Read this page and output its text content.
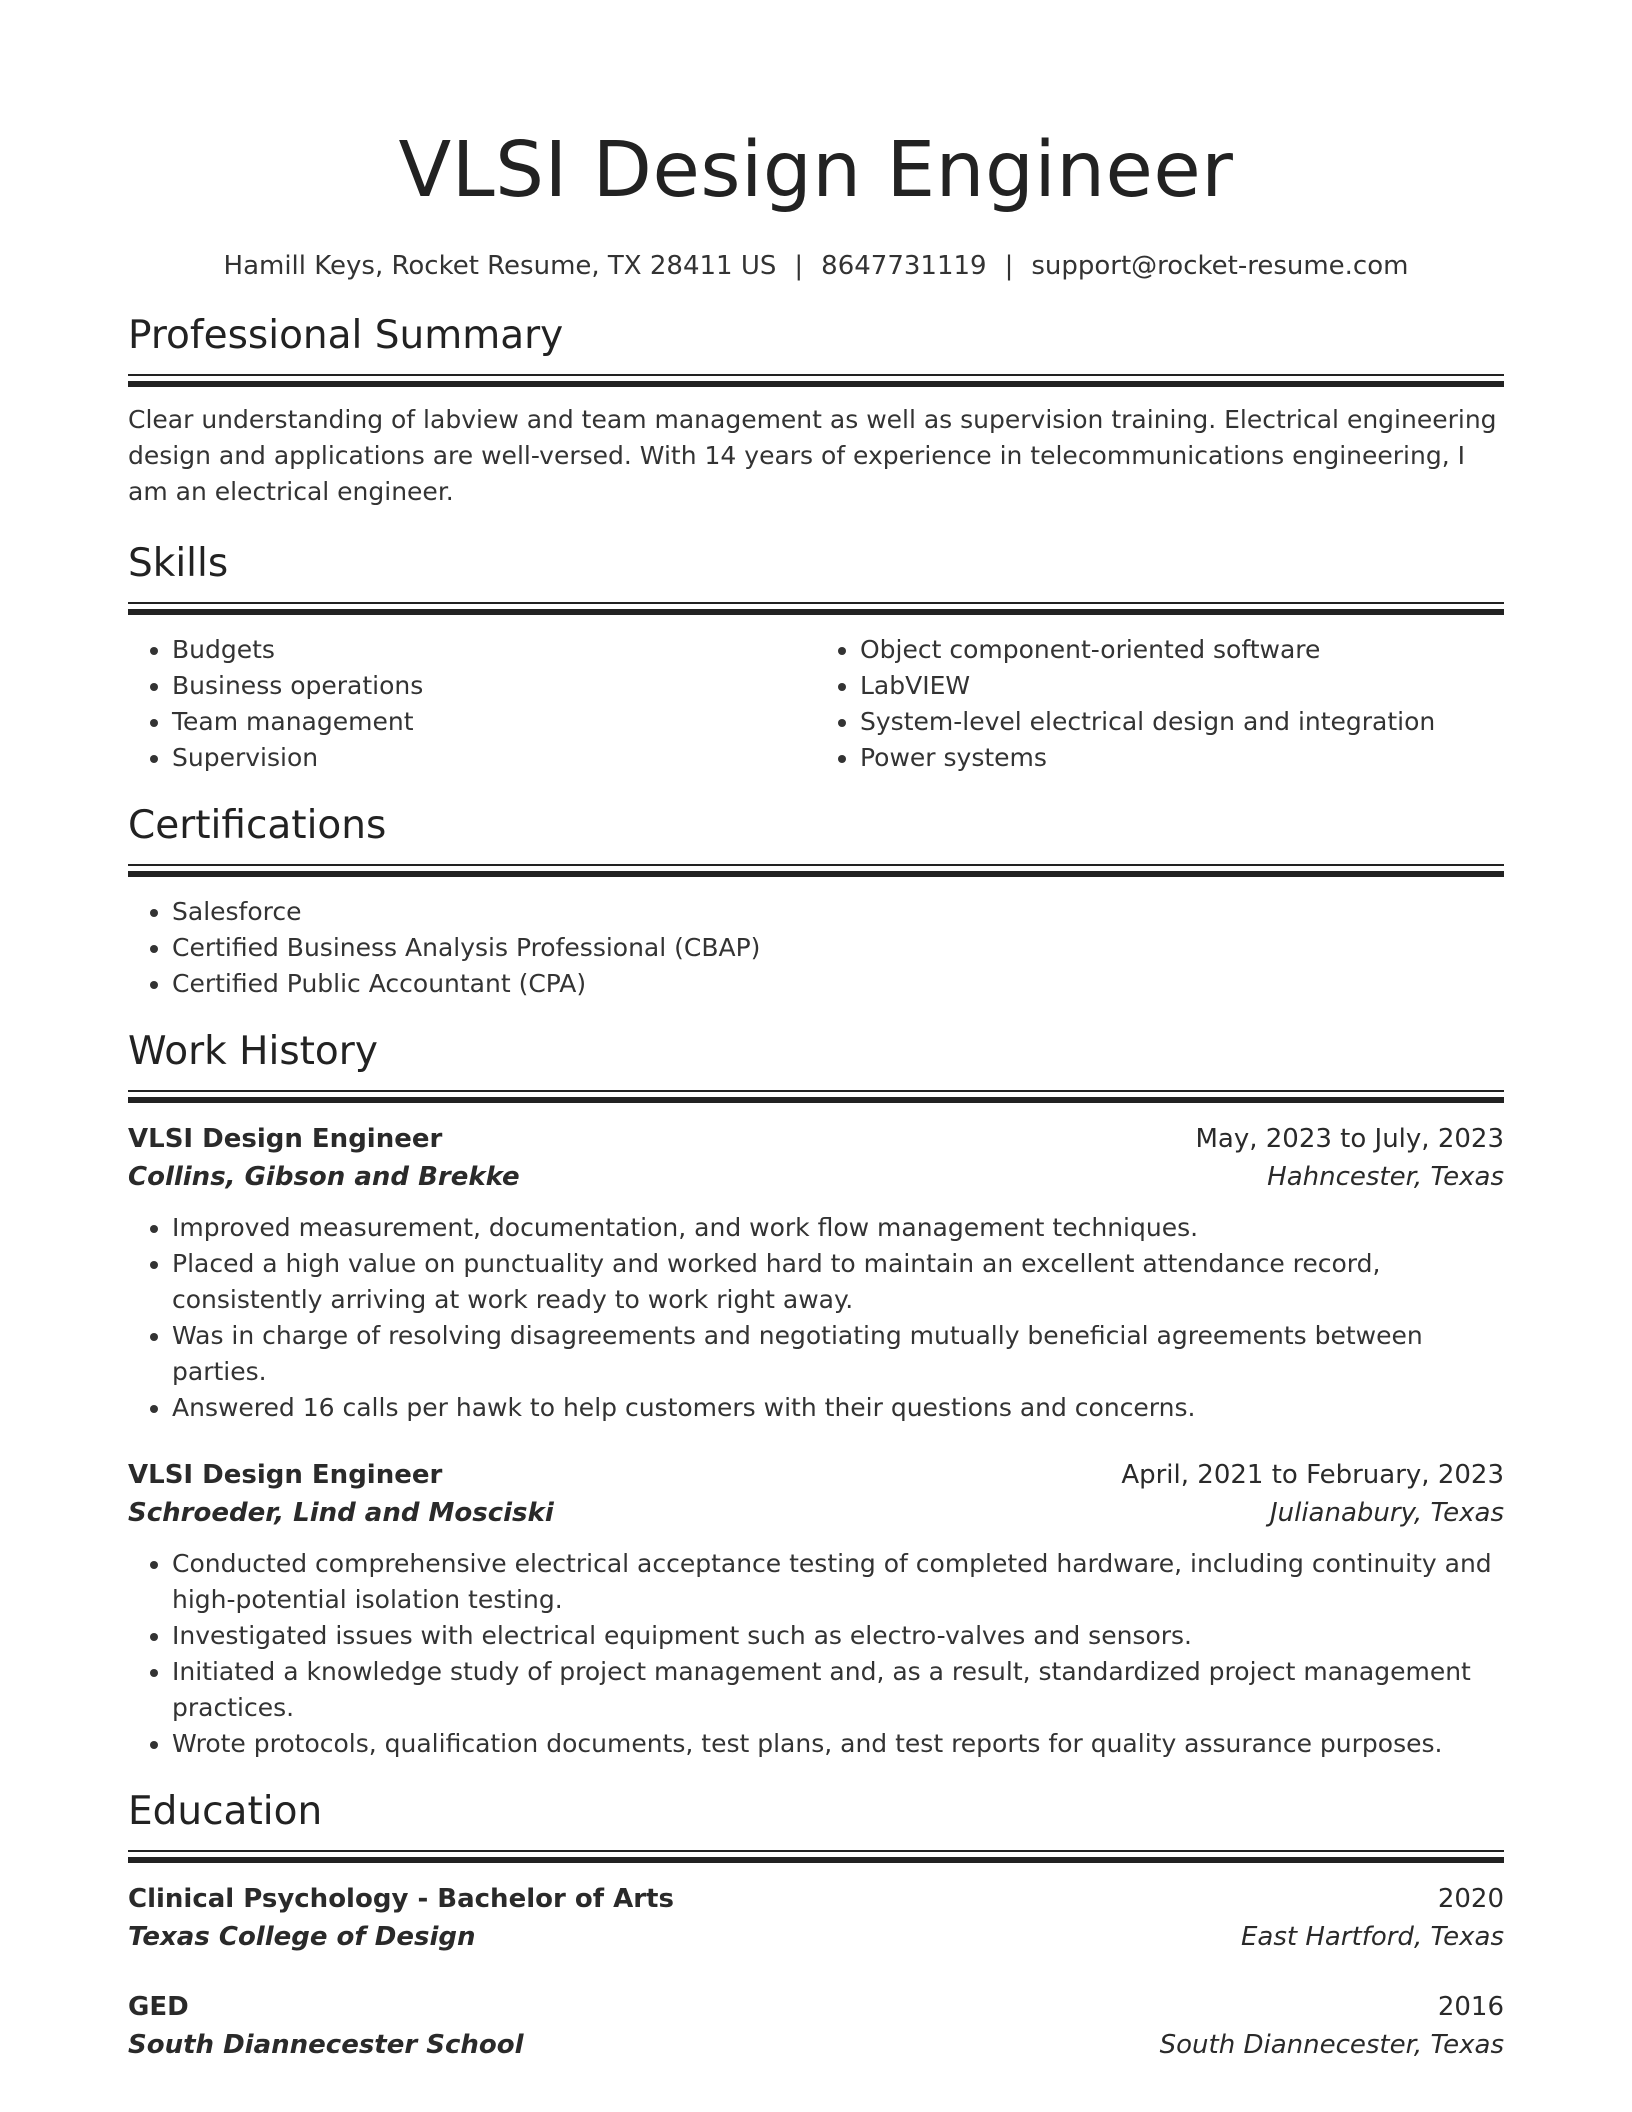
VLSI Design Engineer
Hamill Keys, Rocket Resume, TX 28411 US | 8647731119 | support@rocket-resume.com
Professional Summary
Clear understanding of labview and team management as well as supervision training. Electrical engineering design and applications are well-versed. With 14 years of experience in telecommunications engineering, I am an electrical engineer.
Skills
• Budgets
• Business operations
• Team management
• Supervision
• Object component-oriented software
• LabVIEW
• System-level electrical design and integration
• Power systems
Certifications
• Salesforce
• Certified Business Analysis Professional (CBAP)
• Certified Public Accountant (CPA)
Work History
VLSI Design Engineer	May, 2023 to July, 2023
Collins, Gibson and Brekke	Hahncester, Texas
• Improved measurement, documentation, and work flow management techniques.
• Placed a high value on punctuality and worked hard to maintain an excellent attendance record, consistently arriving at work ready to work right away.
• Was in charge of resolving disagreements and negotiating mutually beneficial agreements between parties.
• Answered 16 calls per hawk to help customers with their questions and concerns.
VLSI Design Engineer	April, 2021 to February, 2023
Schroeder, Lind and Mosciski	Julianabury, Texas
• Conducted comprehensive electrical acceptance testing of completed hardware, including continuity and high-potential isolation testing.
• Investigated issues with electrical equipment such as electro-valves and sensors.
• Initiated a knowledge study of project management and, as a result, standardized project management practices.
• Wrote protocols, qualification documents, test plans, and test reports for quality assurance purposes.
Education
Clinical Psychology - Bachelor of Arts	2020
Texas College of Design	East Hartford, Texas
GED	2016
South Diannecester School	South Diannecester, Texas
